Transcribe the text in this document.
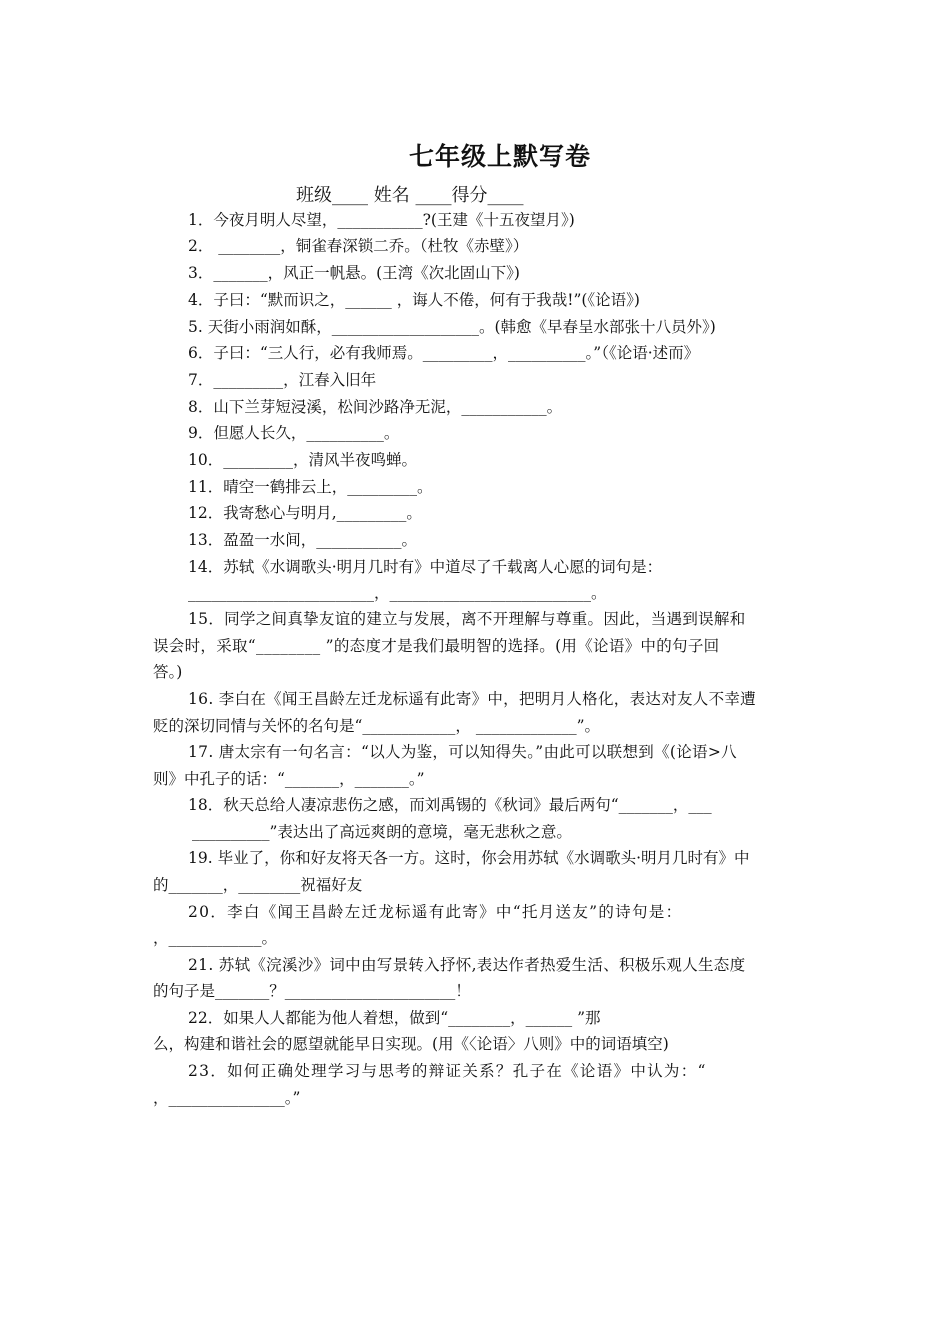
七年级上默写卷
班级____ 姓名 ____得分____
1．今夜月明人尽望，___________?(王建《十五夜望月》)
2． ________，铜雀春深锁二乔。（杜牧《赤壁》）
3．_______，风正一帆悬。(王湾《次北固山下》)
4．子曰：“默而识之，______ ，诲人不倦，何有于我哉!”(《论语》)
5. 天街小雨润如酥，___________________。(韩愈《早春呈水部张十八员外》)
6．子曰：“三人行，必有我师焉。_________，__________。”（《论语·述而》
7．_________，江春入旧年
8．山下兰芽短浸溪，松间沙路净无泥，___________。
9．但愿人长久，__________。
10．_________，清风半夜鸣蝉。
11．晴空一鹤排云上，_________。
12．我寄愁心与明月,_________。
13．盈盈一水间，___________。
14．苏轼《水调歌头·明月几时有》中道尽了千载离人心愿的词句是：
________________________，__________________________。
15．同学之间真挚友谊的建立与发展，离不开理解与尊重。因此，当遇到误解和
误会时，采取“________ ”的态度才是我们最明智的选择。(用《论语》中的句子回
答。)
16. 李白在《闻王昌龄左迁龙标遥有此寄》中，把明月人格化，表达对友人不幸遭
贬的深切同情与关怀的名句是“____________， _____________”。
17. 唐太宗有一句名言：“以人为鉴，可以知得失。”由此可以联想到《(论语>八
则》中孔子的话：“_______，_______。”
18．秋天总给人凄凉悲伤之感，而刘禹锡的《秋词》最后两句“_______，___
__________”表达出了高远爽朗的意境，毫无悲秋之意。
19. 毕业了，你和好友将天各一方。这时，你会用苏轼《水调歌头·明月几时有》中
的_______，________祝福好友
20．李白《闻王昌龄左迁龙标遥有此寄》中“托月送友”的诗句是：
，____________。
21. 苏轼《浣溪沙》词中由写景转入抒怀,表达作者热爱生活、积极乐观人生态度
的句子是_______？______________________！
22．如果人人都能为他人着想，做到“________，______ ”那
么，构建和谐社会的愿望就能早日实现。(用《〈论语〉八则》中的词语填空)
23．如何正确处理学习与思考的辩证关系？孔子在《论语》中认为：“
，_______________。”
